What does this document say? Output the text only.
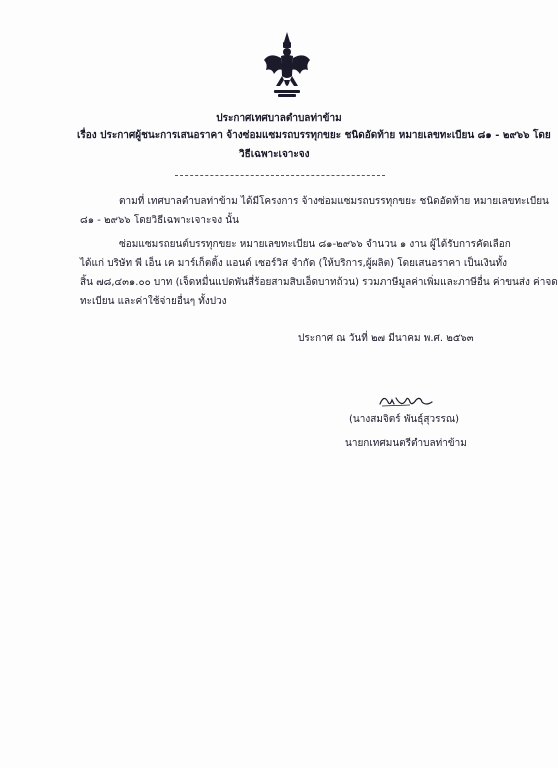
ประกาศเทศบาลตำบลท่าข้าม
เรื่อง ประกาศผู้ชนะการเสนอราคา จ้างซ่อมแซมรถบรรทุกขยะ ชนิดอัดท้าย หมายเลขทะเบียน ๘๑ - ๒๙๖๖ โดย
วิธีเฉพาะเจาะจง
ตามที่ เทศบาลตำบลท่าข้าม ได้มีโครงการ จ้างซ่อมแซมรถบรรทุกขยะ ชนิดอัดท้าย หมายเลขทะเบียน
๘๑ - ๒๙๖๖ โดยวิธีเฉพาะเจาะจง นั้น
ซ่อมแซมรถยนต์บรรทุกขยะ หมายเลขทะเบียน ๘๑-๒๙๖๖ จำนวน ๑ งาน ผู้ได้รับการคัดเลือก
ได้แก่ บริษัท พี เอ็น เค มาร์เก็ตติ้ง แอนด์ เซอร์วิส จำกัด (ให้บริการ,ผู้ผลิต) โดยเสนอราคา เป็นเงินทั้ง
สิ้น ๗๘,๔๓๑.๐๐ บาท (เจ็ดหมื่นแปดพันสี่ร้อยสามสิบเอ็ดบาทถ้วน) รวมภาษีมูลค่าเพิ่มและภาษีอื่น ค่าขนส่ง ค่าจด
ทะเบียน และค่าใช้จ่ายอื่นๆ ทั้งปวง
ประกาศ ณ วันที่ ๒๗ มีนาคม พ.ศ. ๒๕๖๓
(นางสมจิตร์ พันธุ์สุวรรณ)
นายกเทศมนตรีตำบลท่าข้าม
